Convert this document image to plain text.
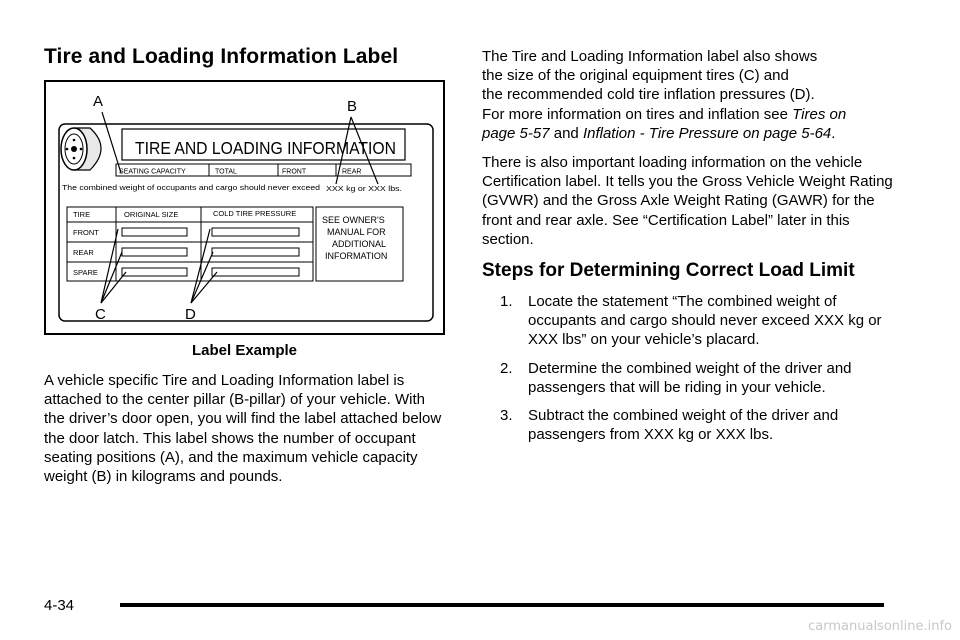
Tire and Loading Information Label
TIRE AND LOADING INFORMATION
SEATING CAPACITY	TOTAL	FRONT	REAR
The combined weight of occupants and cargo should never exceed XXX kg or XXX lbs.
TIRE	ORIGINAL SIZE	COLD TIRE PRESSURE
FRONT
REAR
SPARE
SEE OWNER'S
MANUAL FOR
ADDITIONAL
INFORMATION
A	B
C	D
Label Example

A vehicle specific Tire and Loading Information label is attached to the center pillar (B-pillar) of your vehicle. With the driver’s door open, you will find the label attached below the door latch. This label shows the number of occupant seating positions (A), and the maximum vehicle capacity weight (B) in kilograms and pounds.

The Tire and Loading Information label also shows

the size of the original equipment tires (C) and

the recommended cold tire inflation pressures (D).

For more information on tires and inflation see Tires on

page 5-57 and Inflation - Tire Pressure on page 5-64.

There is also important loading information on the vehicle Certification label. It tells you the Gross Vehicle Weight Rating (GVWR) and the Gross Axle Weight Rating (GAWR) for the front and rear axle. See “Certification Label” later in this section.

Steps for Determining Correct Load Limit
1. Locate the statement “The combined weight of occupants and cargo should never exceed XXX kg or XXX lbs” on your vehicle’s placard.
2. Determine the combined weight of the driver and passengers that will be riding in your vehicle.
3. Subtract the combined weight of the driver and passengers from XXX kg or XXX lbs.
4-34
carmanualsonline.info
